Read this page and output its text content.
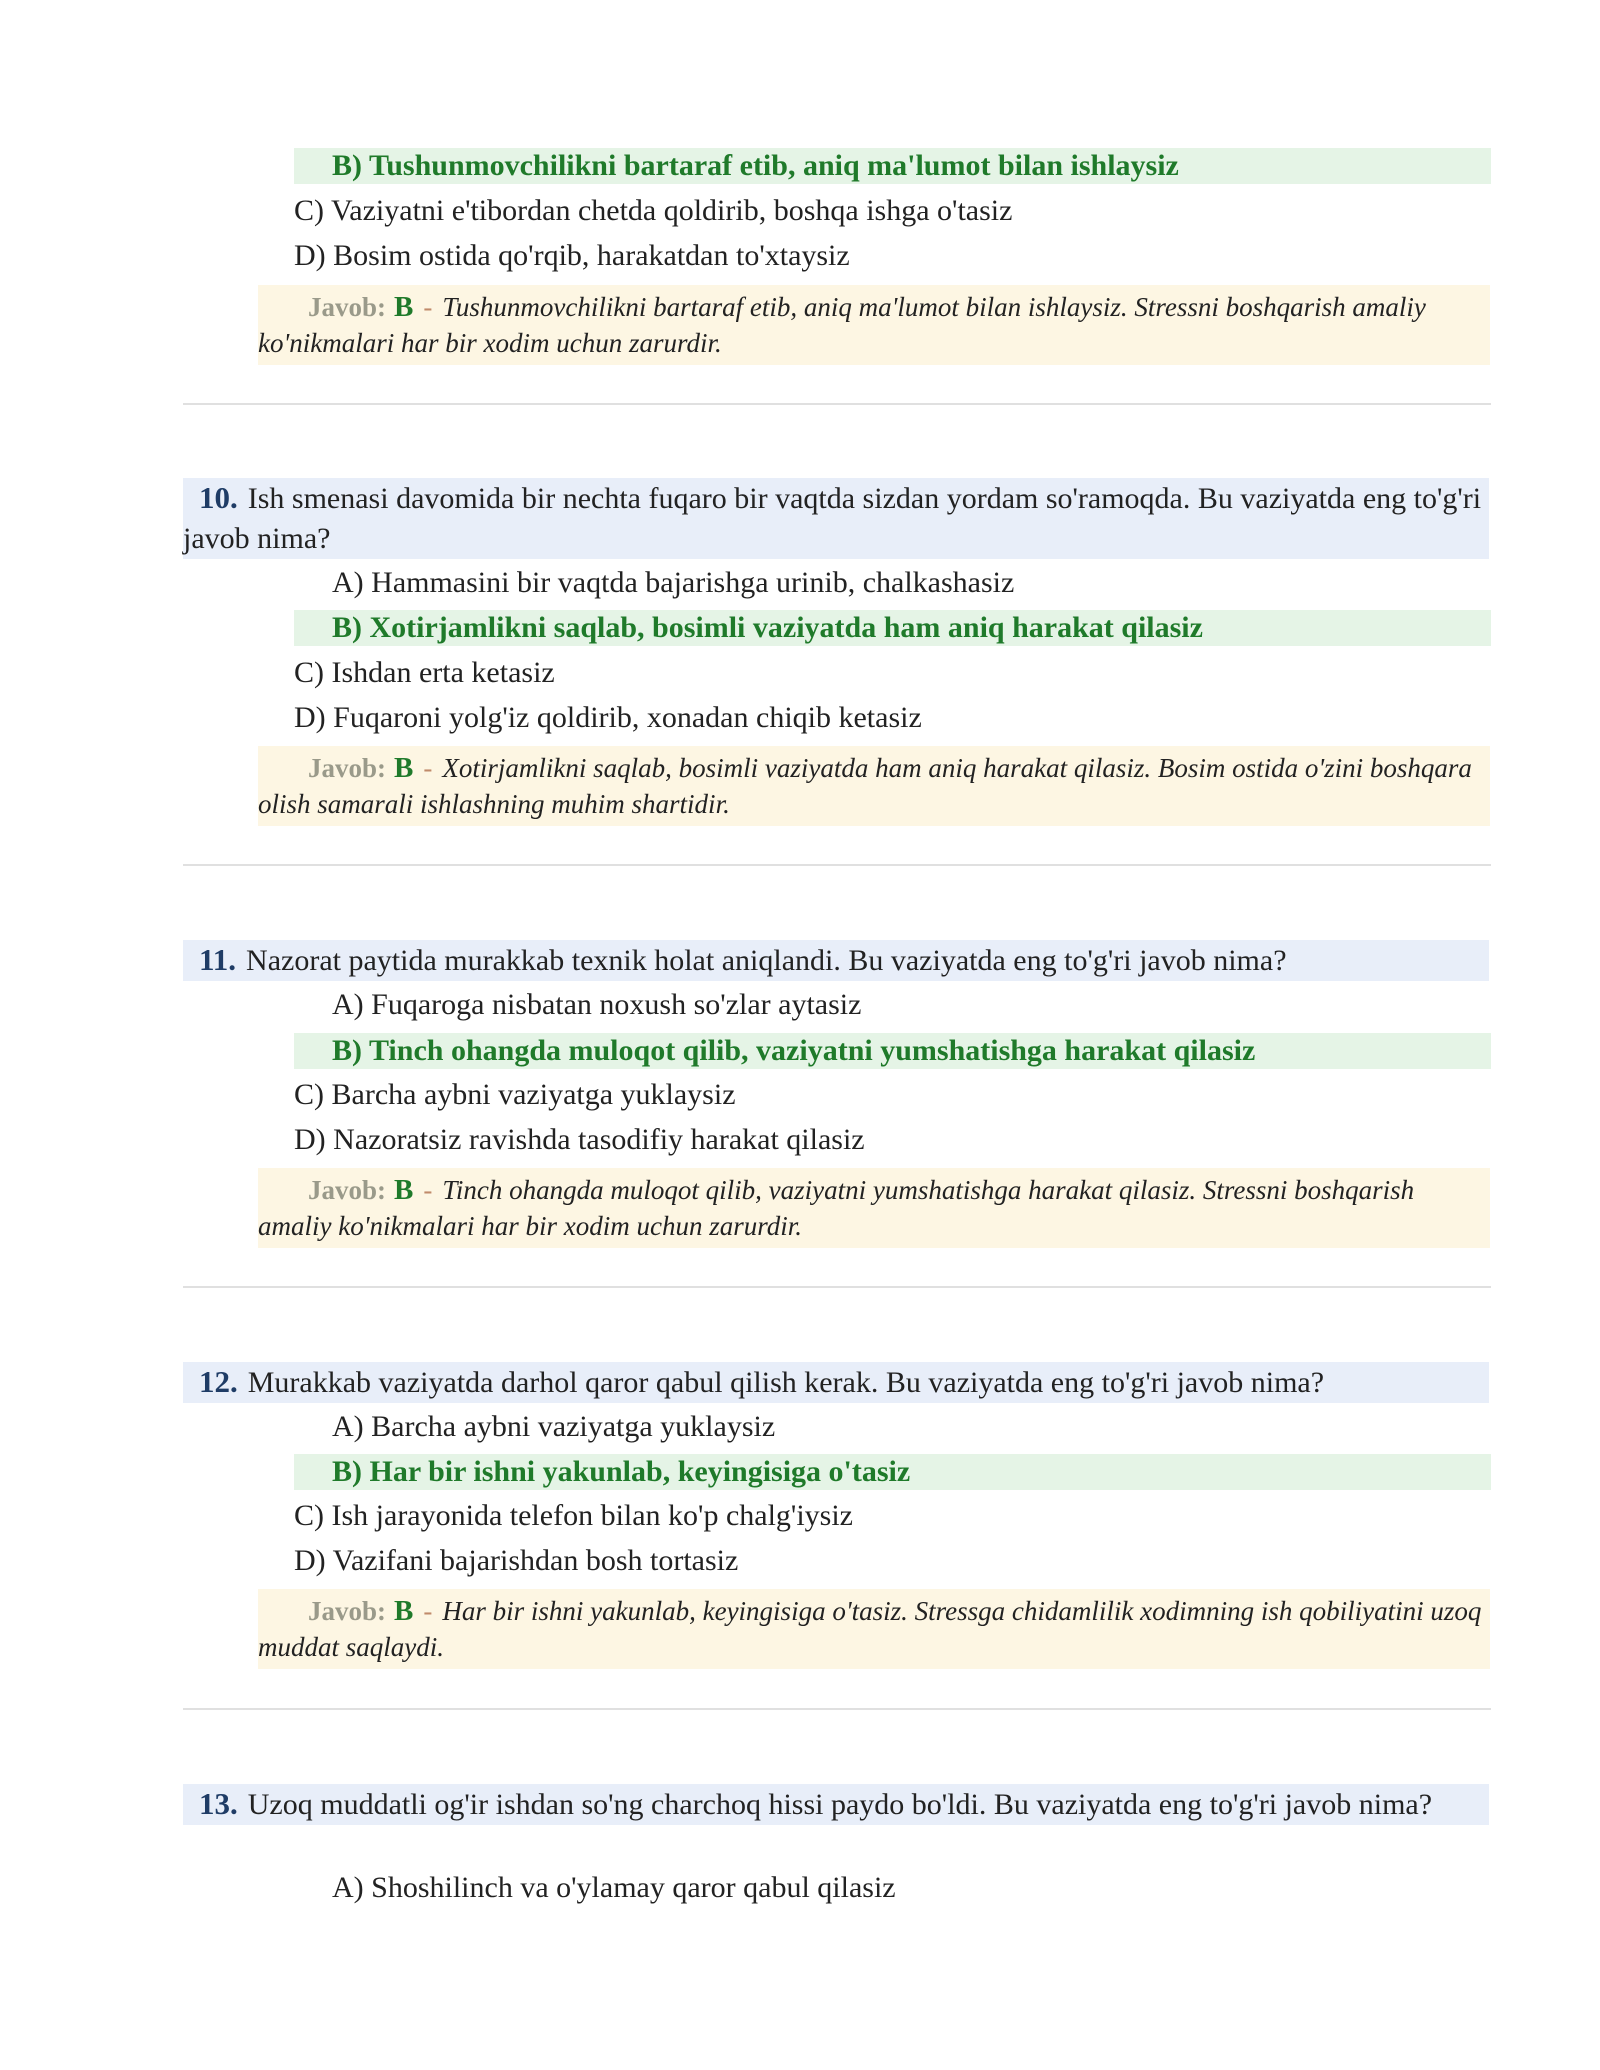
B) Tushunmovchilikni bartaraf etib, aniq ma'lumot bilan ishlaysiz
C) Vaziyatni e'tibordan chetda qoldirib, boshqa ishga o'tasiz
D) Bosim ostida qo'rqib, harakatdan to'xtaysiz
Javob: B - Tushunmovchilikni bartaraf etib, aniq ma'lumot bilan ishlaysiz. Stressni boshqarish amaliy ko'nikmalari har bir xodim uchun zarurdir.
10. Ish smenasi davomida bir nechta fuqaro bir vaqtda sizdan yordam so'ramoqda. Bu vaziyatda eng to'g'ri javob nima?
A) Hammasini bir vaqtda bajarishga urinib, chalkashasiz
B) Xotirjamlikni saqlab, bosimli vaziyatda ham aniq harakat qilasiz
C) Ishdan erta ketasiz
D) Fuqaroni yolg'iz qoldirib, xonadan chiqib ketasiz
Javob: B - Xotirjamlikni saqlab, bosimli vaziyatda ham aniq harakat qilasiz. Bosim ostida o'zini boshqara olish samarali ishlashning muhim shartidir.
11. Nazorat paytida murakkab texnik holat aniqlandi. Bu vaziyatda eng to'g'ri javob nima?
A) Fuqaroga nisbatan noxush so'zlar aytasiz
B) Tinch ohangda muloqot qilib, vaziyatni yumshatishga harakat qilasiz
C) Barcha aybni vaziyatga yuklaysiz
D) Nazoratsiz ravishda tasodifiy harakat qilasiz
Javob: B - Tinch ohangda muloqot qilib, vaziyatni yumshatishga harakat qilasiz. Stressni boshqarish amaliy ko'nikmalari har bir xodim uchun zarurdir.
12. Murakkab vaziyatda darhol qaror qabul qilish kerak. Bu vaziyatda eng to'g'ri javob nima?
A) Barcha aybni vaziyatga yuklaysiz
B) Har bir ishni yakunlab, keyingisiga o'tasiz
C) Ish jarayonida telefon bilan ko'p chalg'iysiz
D) Vazifani bajarishdan bosh tortasiz
Javob: B - Har bir ishni yakunlab, keyingisiga o'tasiz. Stressga chidamlilik xodimning ish qobiliyatini uzoq muddat saqlaydi.
13. Uzoq muddatli og'ir ishdan so'ng charchoq hissi paydo bo'ldi. Bu vaziyatda eng to'g'ri javob nima?
A) Shoshilinch va o'ylamay qaror qabul qilasiz
